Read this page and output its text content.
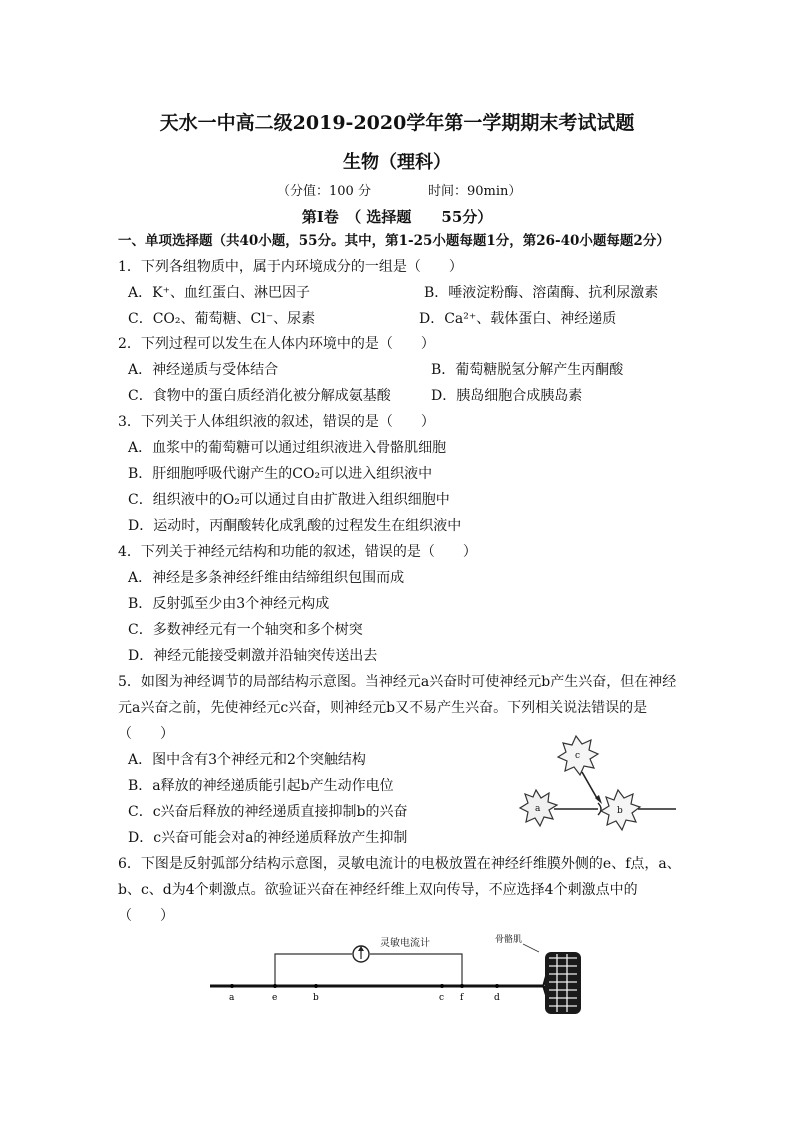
天水一中高二级2019-2020学年第一学期期末考试试题
生物（理科）
（分值：100 分	时间：90min）
第Ⅰ卷　（ 选择题　　55分）
一、单项选择题（共40小题，55分。其中，第1-25小题每题1分，第26-40小题每题2分）
1．下列各组物质中，属于内环境成分的一组是（　　）
A．K⁺、血红蛋白、淋巴因子	B．唾液淀粉酶、溶菌酶、抗利尿激素
C．CO₂、葡萄糖、Cl⁻、尿素	D．Ca²⁺、载体蛋白、神经递质
2．下列过程可以发生在人体内环境中的是（　　）
A．神经递质与受体结合	B．葡萄糖脱氢分解产生丙酮酸
C．食物中的蛋白质经消化被分解成氨基酸	D．胰岛细胞合成胰岛素
3．下列关于人体组织液的叙述，错误的是（　　）
A．血浆中的葡萄糖可以通过组织液进入骨骼肌细胞
B．肝细胞呼吸代谢产生的CO₂可以进入组织液中
C．组织液中的O₂可以通过自由扩散进入组织细胞中
D．运动时，丙酮酸转化成乳酸的过程发生在组织液中
4．下列关于神经元结构和功能的叙述，错误的是（　　）
A．神经是多条神经纤维由结缔组织包围而成
B．反射弧至少由3个神经元构成
C．多数神经元有一个轴突和多个树突
D．神经元能接受刺激并沿轴突传送出去
5．如图为神经调节的局部结构示意图。当神经元a兴奋时可使神经元b产生兴奋，但在神经
元a兴奋之前，先使神经元c兴奋，则神经元b又不易产生兴奋。下列相关说法错误的是
（　　）
A．图中含有3个神经元和2个突触结构
B．a释放的神经递质能引起b产生动作电位
C．c兴奋后释放的神经递质直接抑制b的兴奋
D．c兴奋可能会对a的神经递质释放产生抑制
c
a	b
6．下图是反射弧部分结构示意图，灵敏电流计的电极放置在神经纤维膜外侧的e、f点，a、
b、c、d为4个刺激点。欲验证兴奋在神经纤维上双向传导，不应选择4个刺激点中的
（　　）
灵敏电流计	骨骼肌
a	e	b	c f	d
